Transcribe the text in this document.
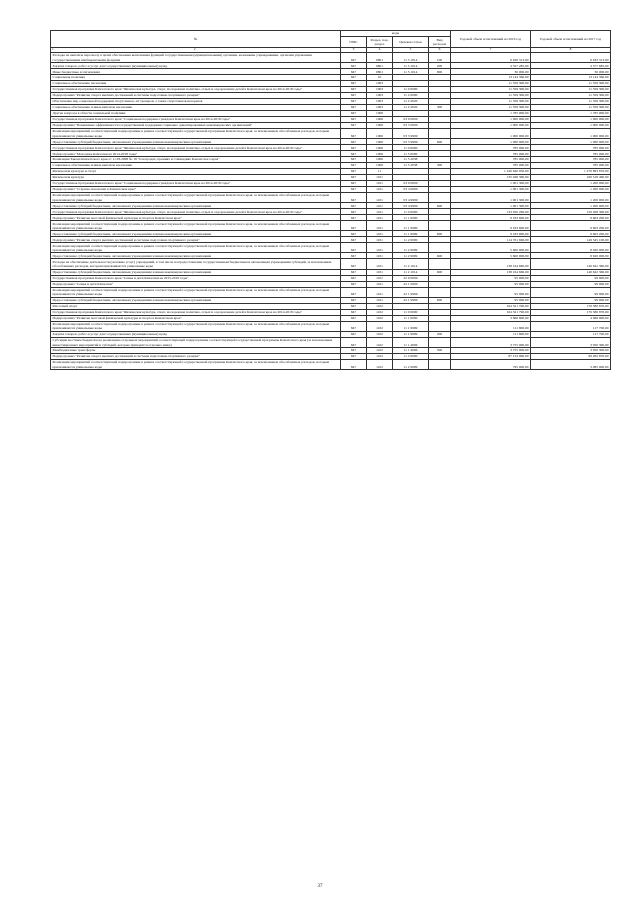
№	коды				Годовой объем ассигнований на 2016 год	Годовой объем ассигнований на 2017 год
	ГРБС	Раздел, под-раздел	Целевая статья	Вид расходов		
1 2	3	4	5	6	7	8
Расходы на выплаты персоналу в целях обеспечения выполнения функций государственными (муниципальными) органами, казенными учреждениями, органами управления государственными внебюджетными фондами	847	0801	11 5 1014	100	6 628 313,00	6 633 313,00
Закупка товаров, работ и услуг для государственных (муниципальных) нужд	847	0801	11 5 1014	200	4 357 285,00	4 577 685,00
Иные бюджетные ассигнования	847	0801	11 5 1014	800	36 000,00	36 000,00
Социальная политика	847	10			13 144 360,00	13 144 360,00
Социальное обеспечение населения	847	1003			11 359 300,00	11 359 300,00
Государственная программа Камчатского края "Физическая культура, спорт, молодежная политика, отдых и оздоровление детей в Камчатском крае на 2014-2018 годы"	847	1003	11 0 0000		11 359 300,00	11 359 300,00
Подпрограмма "Развитие спорта высших достижений и системы подготовки спортивного резерва"	847	1003	11 2 0000		11 359 300,00	11 359 300,00
Обеспечение мер социальной поддержки спортсменов, их тренеров, а также спортсменов-ветеранов	847	1003	11 2 2020		11 359 300,00	11 359 300,00
Социальное обеспечение и иные выплаты населению	847	1003	11 2 2020	300	11 359 300,00	11 359 300,00
Другие вопросы в области социальной политики	847	1006			1 785 000,00	1 785 000,00
Государственная программа Камчатского края "Социальная поддержка граждан в Камчатском крае на 2014-2018 годы"	847	1006	03 0 0000		1 000 000,00	1 000 000,00
Подпрограмма "Повышение эффективности государственной поддержки социально ориентированных некоммерческих организаций"	847	1006	03 5 0000		1 000 000,00	1 000 000,00
Реализация мероприятий соответствующей подпрограммы в рамках соответствующей государственной программы Камчатского края, за исключением обособленных расходов, которым присваиваются уникальные коды	847	1006	03 5 9999		1 000 000,00	1 000 000,00
Предоставление субсидий бюджетным, автономным учреждениям и иным некоммерческим организациям	847	1006	03 5 9999	600	1 000 000,00	1 000 000,00
Государственная программа Камчатского края "Физическая культура, спорт, молодежная политика, отдых и оздоровление детей в Камчатском крае на 2014-2018 годы"	847	1006	11 0 0000		785 000,00	785 000,00
Подпрограмма "Молодежь Камчатки на 2014-2018 годы"	847	1006	11 5 0000		785 000,00	785 000,00
Реализация Закона Камчатского края от 11.03.2008 № 18 "О наградах, премиях и стипендиях Камчатского края"	847	1006	11 5 2038		785 000,00	785 000,00
Социальное обеспечение и иные выплаты населению	847	1006	11 5 2038	300	785 000,00	785 000,00
Физическая культура и спорт	847	11			1 240 640 950,00	1 270 893 870,00
Физическая культура	847	1101			135 048 360,00	160 518 460,00
Государственная программа Камчатского края "Социальная поддержка граждан в Камчатском крае на 2014-2018 годы"	847	1101	03 0 0000		1 001 300,00	1 200 000,00
Подпрограмма "Старшее поколение в Камчатском крае"	847	1101	03 4 0000		1 001 300,00	1 200 000,00
Реализация мероприятий соответствующей подпрограммы в рамках соответствующей государственной программы Камчатского края, за исключением обособленных расходов, которым присваиваются уникальные коды	847	1101	03 4 9999		1 001 300,00	1 200 000,00
Предоставление субсидий бюджетным, автономным учреждениям и иным некоммерческим организациям	847	1101	03 4 9999	600	1 001 300,00	1 200 000,00
Государственная программа Камчатского края "Физическая культура, спорт, молодежная политика, отдых и оздоровление детей в Камчатском крае на 2014-2018 годы"	847	1101	11 0 0000		133 950 260,00	159 208 300,00
Подпрограмма "Развитие массовой физической культуры и спорта в Камчатском крае"	847	1101	11 1 0000		9 183 600,00	9 663 200,00
Реализация мероприятий соответствующей подпрограммы в рамках соответствующей государственной программы Камчатского края, за исключением обособленных расходов, которым присваиваются уникальные коды	847	1101	11 1 9999		9 183 600,00	9 663 200,00
Предоставление субсидий бюджетным, автономным учреждениям и иным некоммерческим организациям	847	1101	11 1 9999	600	9 183 600,00	9 663 200,00
Подпрограмма "Развитие спорта высших достижений и системы подготовки спортивного резерва"	847	1101	11 2 0000		114 761 660,00	149 545 100,00
Реализация мероприятий соответствующей подпрограммы в рамках соответствующей государственной программы Камчатского края, за исключением обособленных расходов, которым присваиваются уникальные коды	847	1101	11 2 9999		5 600 000,00	8 920 000,00
Предоставление субсидий бюджетным, автономным учреждениям и иным некоммерческим организациям	847	1101	11 2 9999	600	5 600 000,00	8 920 000,00
Расходы на обеспечение деятельности (оказание услуг) учреждений, в том числе на предоставление государственным бюджетным и автономным учреждениям субсидий, за исключением обособленных расходов, которым присваиваются уникальные коды	847	1101	11 2 1014		138 164 660,00	140 622 360,00
Предоставление субсидий бюджетным, автономным учреждениям и иным некоммерческим организациям	847	1101	11 2 1014	600	138 164 660,00	140 622 360,00
Государственная программа Камчатского края "Семья и дети Камчатки на 2015-2018 годы"	847	1101	22 0 0000		95 000,00	99 900,00
Подпрограмма "Семья и дети Камчатки"	847	1101	22 1 0000		95 000,00	99 900,00
Реализация мероприятий соответствующей подпрограммы в рамках соответствующей государственной программы Камчатского края, за исключением обособленных расходов, которым присваиваются уникальные коды	847	1101	22 1 9999		95 000,00	99 900,00
Предоставление субсидий бюджетным, автономным учреждениям и иным некоммерческим организациям	847	1101	22 1 9999	600	95 000,00	99 900,00
Массовый спорт	847	1102			164 321 790,00	176 580 870,00
Государственная программа Камчатского края "Физическая культура, спорт, молодежная политика, отдых и оздоровление детей в Камчатском крае на 2014-2018 годы"	847	1102	11 0 0000		164 321 790,00	176 580 870,00
Подпрограмма "Развитие массовой физической культуры и спорта в Камчатском крае"	847	1102	11 1 0000		3 866 800,00	4 068 000,00
Реализация мероприятий соответствующей подпрограммы в рамках соответствующей государственной программы Камчатского края, за исключением обособленных расходов, которым присваиваются уникальные коды	847	1102	11 1 9999		111 800,00	117 700,00
Закупка товаров, работ и услуг для государственных (муниципальных) нужд	847	1102	11 1 9999	200	111 800,00	117 700,00
Субсидии местным бюджетам на реализацию отдельных мероприятий соответствующей подпрограммы соответствующей государственной программы Камчатского края (за исключением инвестиционных мероприятий и субсидий, которые приводятся отдельно ниже)	847	1102	11 1 4006		3 755 000,00	3 950 300,00
Межбюджетные трансферты	847	1102	11 1 4006	500	3 755 000,00	3 950 300,00
Подпрограмма "Развитие спорта высших достижений и системы подготовки спортивного резерва"	847	1102	11 2 0000		87 154 990,00	99 282 870,00
Реализация мероприятий соответствующей подпрограммы в рамках соответствующей государственной программы Камчатского края, за исключением обособленных расходов, которым присваиваются уникальные коды	847	1102	11 2 9999		795 000,00	3 085 000,00
37
